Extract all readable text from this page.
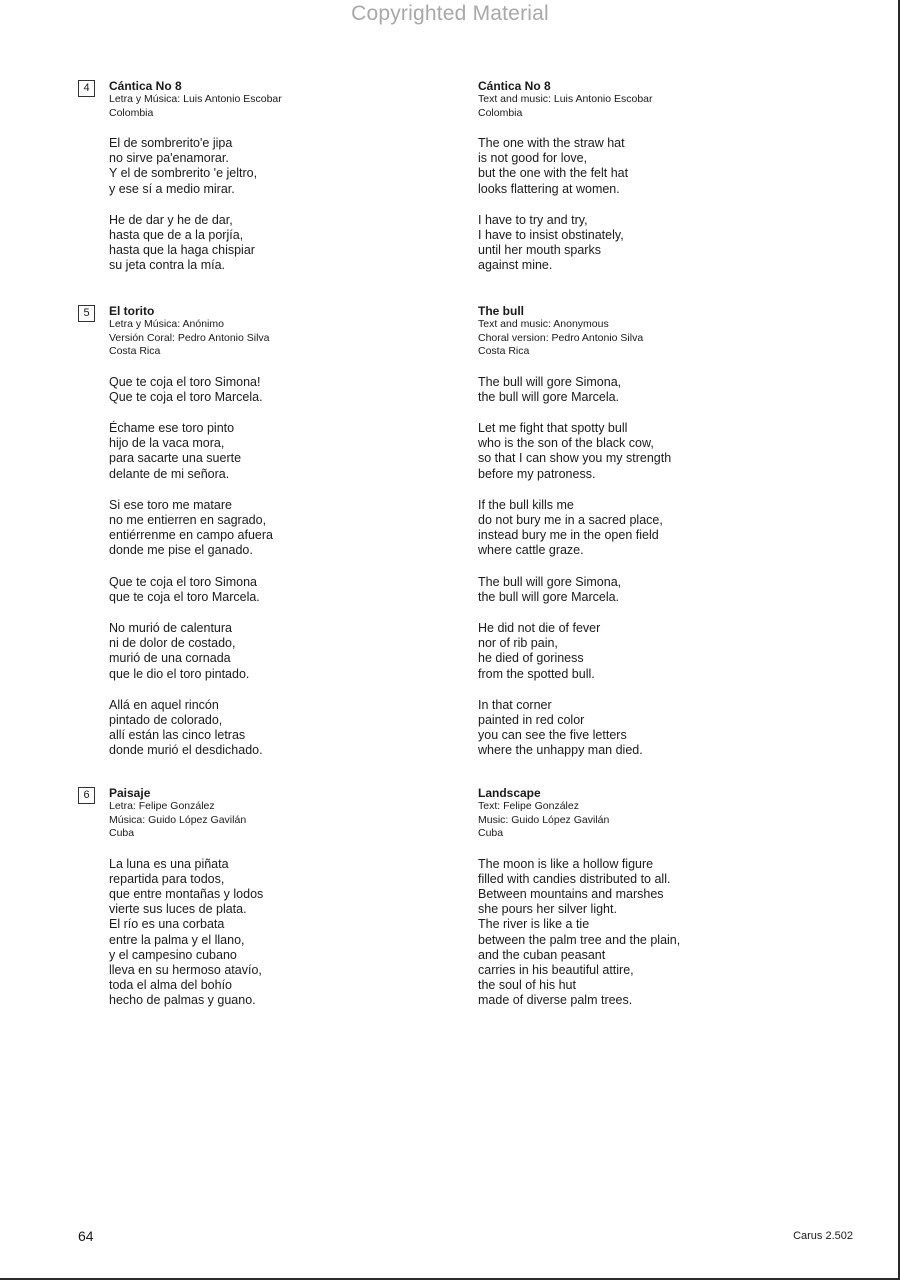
Copyrighted Material
4	Cántica No 8
Letra y Música: Luis Antonio Escobar
Colombia
El de sombrerito'e jipa
no sirve pa'enamorar.
Y el de sombrerito 'e jeltro,
y ese sí a medio mirar.
He de dar y he de dar,
hasta que de a la porjía,
hasta que la haga chispiar
su jeta contra la mía.
Cántica No 8
Text and music: Luis Antonio Escobar
Colombia
The one with the straw hat
is not good for love,
but the one with the felt hat
looks flattering at women.
I have to try and try,
I have to insist obstinately,
until her mouth sparks
against mine.
5	El torito
Letra y Música: Anónimo
Versión Coral: Pedro Antonio Silva
Costa Rica
Que te coja el toro Simona!
Que te coja el toro Marcela.
Échame ese toro pinto
hijo de la vaca mora,
para sacarte una suerte
delante de mi señora.
Si ese toro me matare
no me entierren en sagrado,
entiérrenme en campo afuera
donde me pise el ganado.
Que te coja el toro Simona
que te coja el toro Marcela.
No murió de calentura
ni de dolor de costado,
murió de una cornada
que le dio el toro pintado.
Allá en aquel rincón
pintado de colorado,
allí están las cinco letras
donde murió el desdichado.
The bull
Text and music: Anonymous
Choral version: Pedro Antonio Silva
Costa Rica
The bull will gore Simona,
the bull will gore Marcela.
Let me fight that spotty bull
who is the son of the black cow,
so that I can show you my strength
before my patroness.
If the bull kills me
do not bury me in a sacred place,
instead bury me in the open field
where cattle graze.
The bull will gore Simona,
the bull will gore Marcela.
He did not die of fever
nor of rib pain,
he died of goriness
from the spotted bull.
In that corner
painted in red color
you can see the five letters
where the unhappy man died.
6	Paisaje
Letra: Felipe González
Música: Guido López Gavilán
Cuba
La luna es una piñata
repartida para todos,
que entre montañas y lodos
vierte sus luces de plata.
El río es una corbata
entre la palma y el llano,
y el campesino cubano
lleva en su hermoso atavío,
toda el alma del bohío
hecho de palmas y guano.
Landscape
Text: Felipe González
Music: Guido López Gavilán
Cuba
The moon is like a hollow figure
filled with candies distributed to all.
Between mountains and marshes
she pours her silver light.
The river is like a tie
between the palm tree and the plain,
and the cuban peasant
carries in his beautiful attire,
the soul of his hut
made of diverse palm trees.
64	Carus 2.502
